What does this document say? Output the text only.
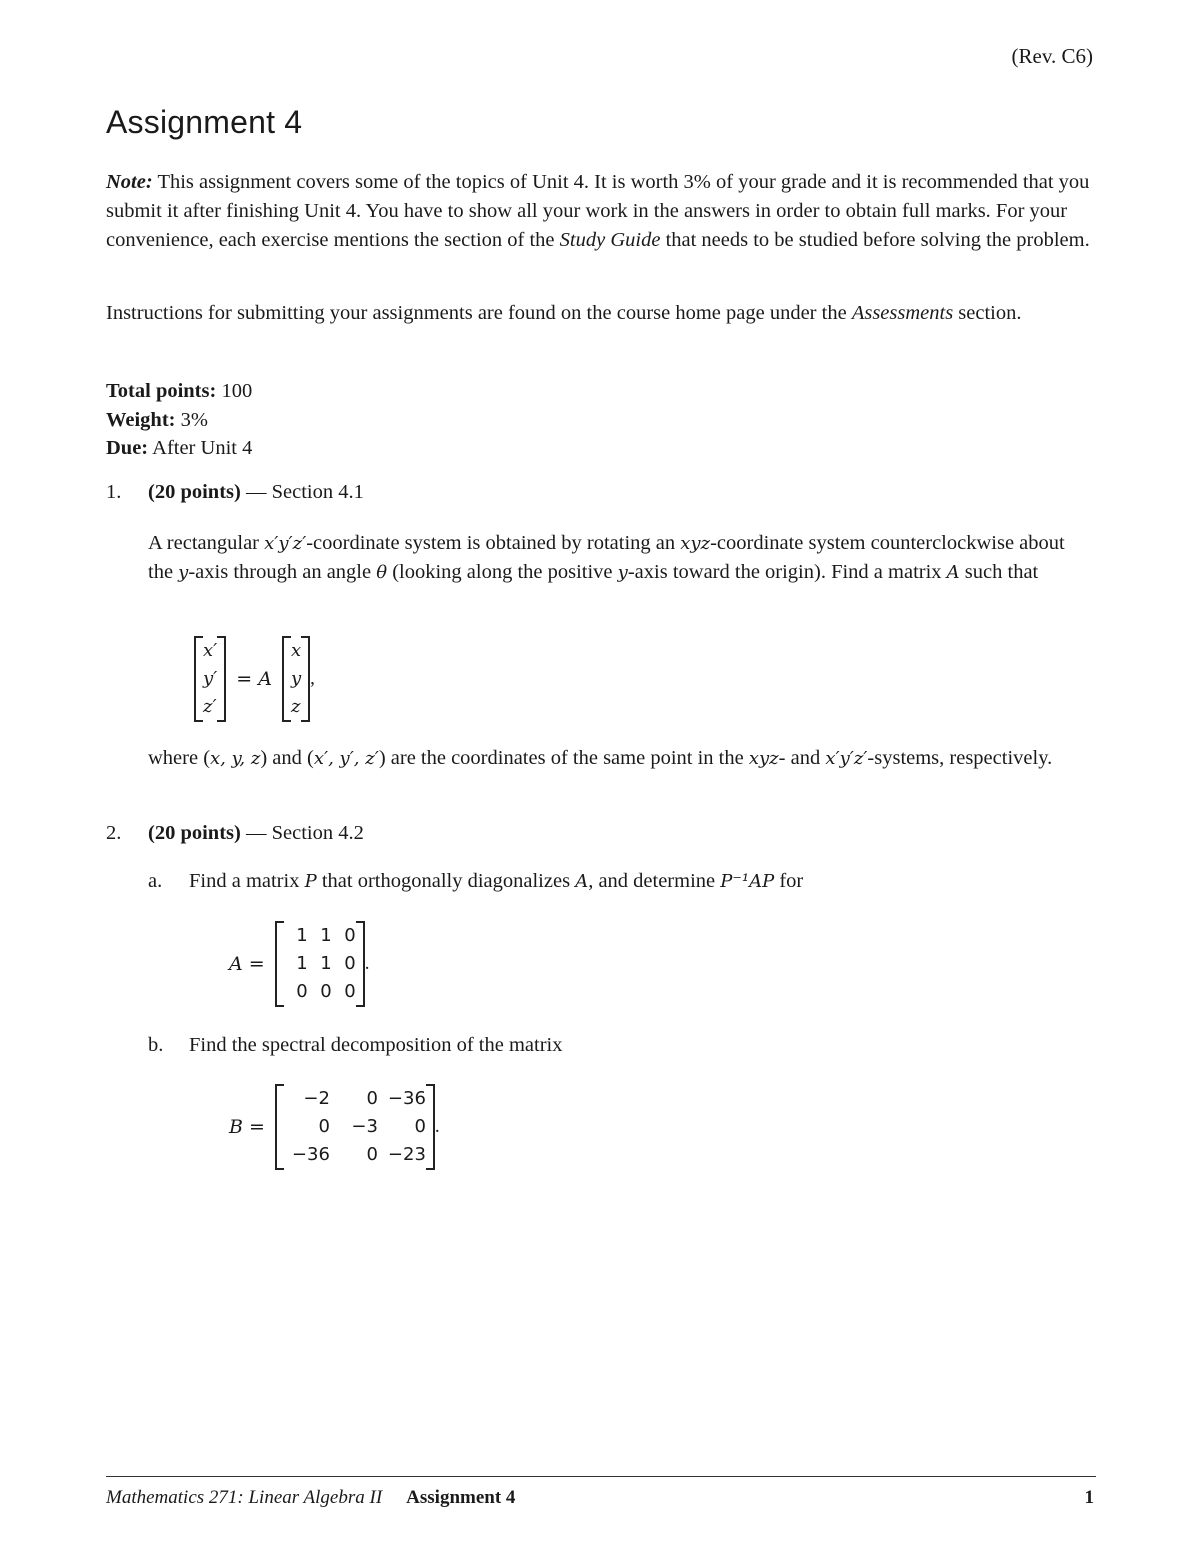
(Rev. C6)
Assignment 4

Note: This assignment covers some of the topics of Unit 4. It is worth 3% of your grade and it is recommended that you submit it after finishing Unit 4. You have to show all your work in the answers in order to obtain full marks. For your convenience, each exercise mentions the section of the Study Guide that needs to be studied before solving the problem.

Instructions for submitting your assignments are found on the course home page under the Assessments section.

Total points: 100
Weight: 3%
Due: After Unit 4
1. (20 points) — Section 4.1

A rectangular x′y′z′-coordinate system is obtained by rotating an xyz-coordinate system counterclockwise about the y-axis through an angle θ (looking along the positive y-axis toward the origin). Find a matrix A such that

x′
y′
z′
= A
x
y
z
,

where (x, y, z) and (x′, y′, z′) are the coordinates of the same point in the xyz- and x′y′z′-systems, respectively.

2. (20 points) — Section 4.2
a. Find a matrix P that orthogonally diagonalizes A, and determine P⁻¹AP for
A =
1 1 0
1 1 0
0 0 0
.
b. Find the spectral decomposition of the matrix
B =
−2	0 −36
0	−3	0
−36	0 −23
.
Mathematics 271: Linear Algebra II Assignment 4	1
